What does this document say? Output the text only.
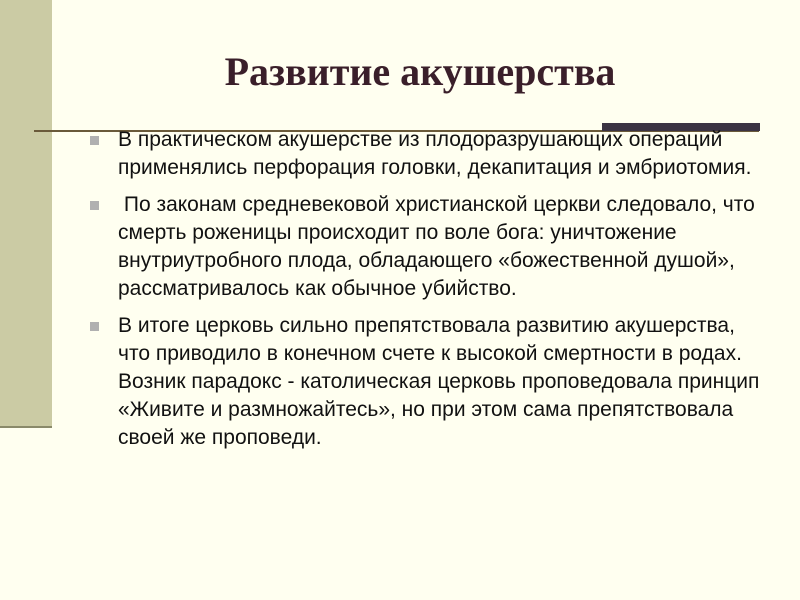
Развитие акушерства
В практическом акушерстве из плодоразрушающих операций применялись перфорация головки, декапитация и эмбриотомия.
По законам средневековой христианской церкви следовало, что смерть роженицы происходит по воле бога: уничтожение внутриутробного плода, обладающего «божественной душой», рассматривалось как обычное убийство.
В итоге церковь сильно препятствовала развитию акушерства, что приводило в конечном счете к высокой смертности в родах. Возник парадокс - католическая церковь проповедовала принцип «Живите и размножайтесь», но при этом сама препятствовала своей же проповеди.
